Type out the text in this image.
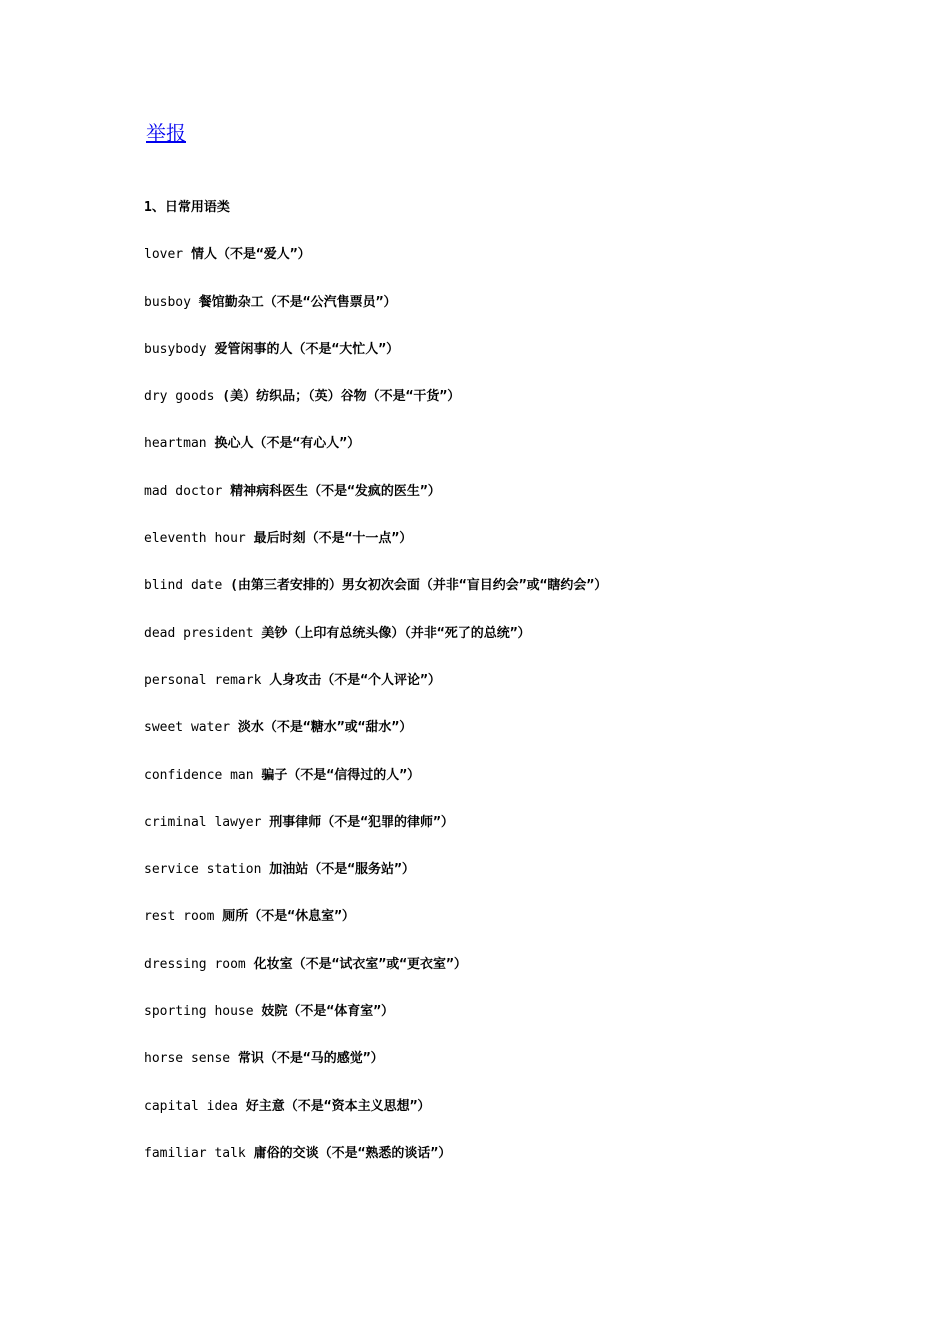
举报
1、日常用语类
lover 情人（不是“爱人”）
busboy 餐馆勤杂工（不是“公汽售票员”）
busybody 爱管闲事的人（不是“大忙人”）
dry goods (美）纺织品；（英）谷物（不是“干货”）
heartman 换心人（不是“有心人”）
mad doctor 精神病科医生（不是“发疯的医生”）
eleventh hour 最后时刻（不是“十一点”）
blind date (由第三者安排的）男女初次会面（并非“盲目约会”或“瞎约会”）
dead president 美钞（上印有总统头像）（并非“死了的总统”）
personal remark 人身攻击（不是“个人评论”）
sweet water 淡水（不是“糖水”或“甜水”）
confidence man 骗子（不是“信得过的人”）
criminal lawyer 刑事律师（不是“犯罪的律师”）
service station 加油站（不是“服务站”）
rest room 厕所（不是“休息室”）
dressing room 化妆室（不是“试衣室”或“更衣室”）
sporting house 妓院（不是“体育室”）
horse sense 常识（不是“马的感觉”）
capital idea 好主意（不是“资本主义思想”）
familiar talk 庸俗的交谈（不是“熟悉的谈话”）
